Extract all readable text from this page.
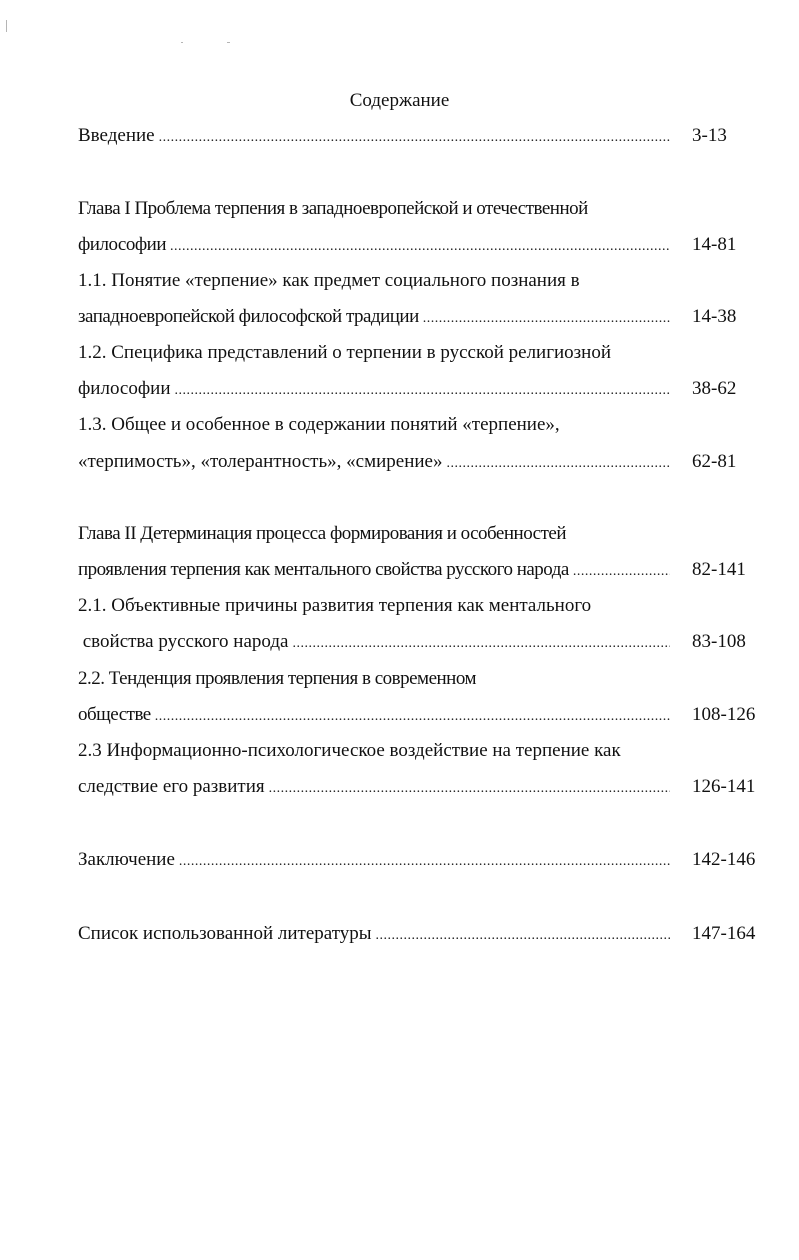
Содержание
Введение .....	3-13
Глава I Проблема терпения в западноевропейской и отечественной
философии .....	14-81
1.1. Понятие «терпение» как предмет социального познания в
западноевропейской философской традиции .....	14-38
1.2. Специфика представлений о терпении в русской религиозной
философии .....	38-62
1.3. Общее и особенное в содержании понятий «терпение»,
«терпимость», «толерантность», «смирение» .....	62-81
Глава II Детерминация процесса формирования и особенностей
проявления терпения как ментального свойства русского народа .....	82-141
2.1. Объективные причины развития терпения как ментального
свойства русского народа .....	83-108
2.2. Тенденция проявления терпения в современном
обществе .....	108-126
2.3 Информационно-психологическое воздействие на терпение как
следствие его развития .....	126-141
Заключение .....	142-146
Список использованной литературы .....	147-164
